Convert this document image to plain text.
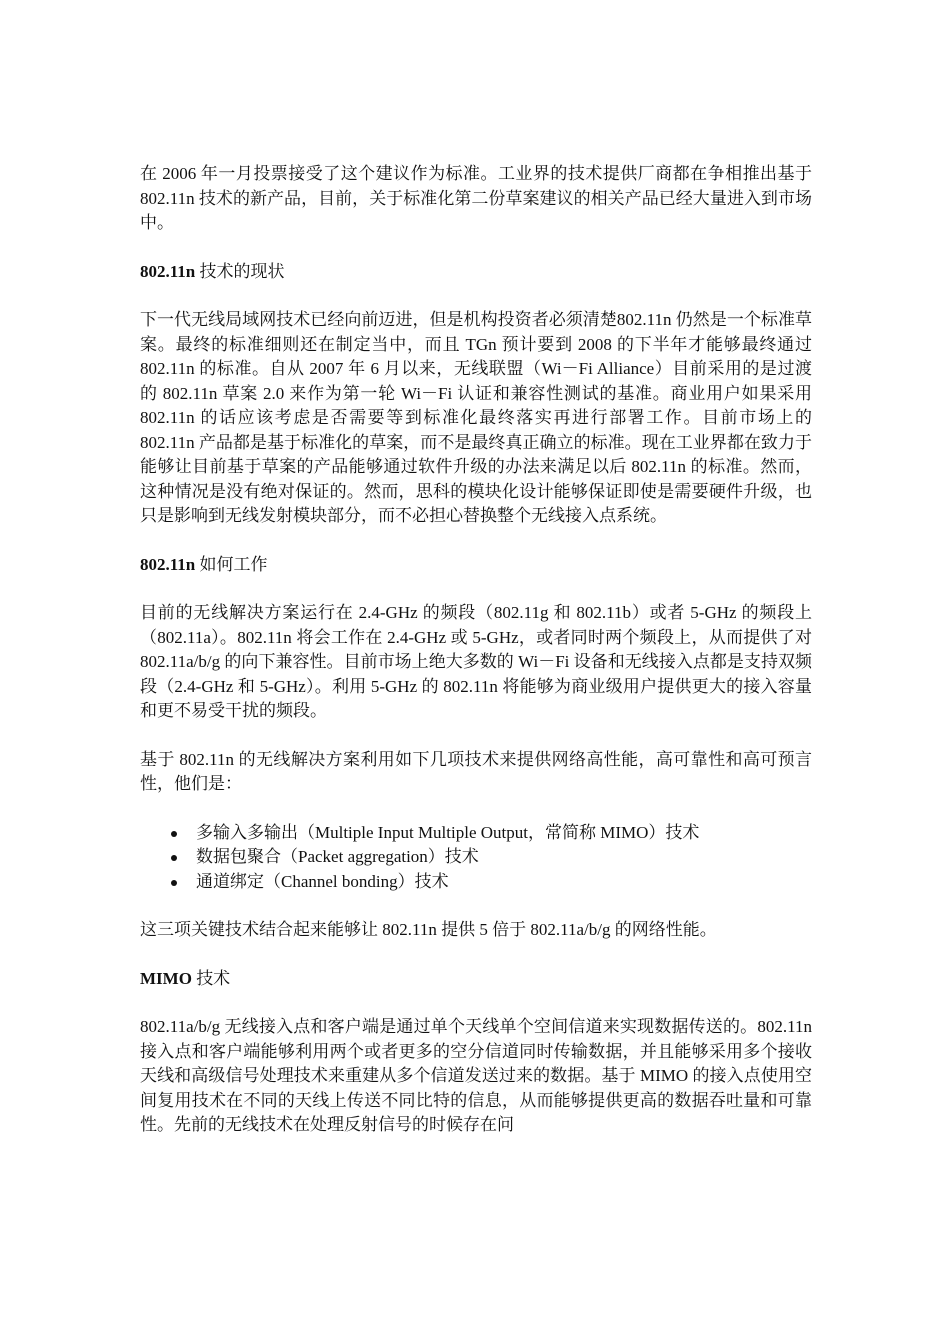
在 2006 年一月投票接受了这个建议作为标准。工业界的技术提供厂商都在争相推出基于 802.11n 技术的新产品，目前，关于标准化第二份草案建议的相关产品已经大量进入到市场中。

802.11n 技术的现状

下一代无线局域网技术已经向前迈进，但是机构投资者必须清楚802.11n 仍然是一个标准草案。最终的标准细则还在制定当中，而且 TGn 预计要到 2008 的下半年才能够最终通过 802.11n 的标准。自从 2007 年 6 月以来，无线联盟（Wi－Fi Alliance）目前采用的是过渡的 802.11n 草案 2.0 来作为第一轮 Wi－Fi 认证和兼容性测试的基准。商业用户如果采用 802.11n 的话应该考虑是否需要等到标准化最终落实再进行部署工作。目前市场上的 802.11n 产品都是基于标准化的草案，而不是最终真正确立的标准。现在工业界都在致力于能够让目前基于草案的产品能够通过软件升级的办法来满足以后 802.11n 的标准。然而，这种情况是没有绝对保证的。然而，思科的模块化设计能够保证即使是需要硬件升级，也只是影响到无线发射模块部分，而不必担心替换整个无线接入点系统。

802.11n 如何工作

目前的无线解决方案运行在 2.4-GHz 的频段（802.11g 和 802.11b）或者 5-GHz 的频段上（802.11a）。802.11n 将会工作在 2.4-GHz 或 5-GHz，或者同时两个频段上，从而提供了对 802.11a/b/g 的向下兼容性。目前市场上绝大多数的 Wi－Fi 设备和无线接入点都是支持双频段（2.4-GHz 和 5-GHz）。利用 5-GHz 的 802.11n 将能够为商业级用户提供更大的接入容量和更不易受干扰的频段。

基于 802.11n 的无线解决方案利用如下几项技术来提供网络高性能，高可靠性和高可预言性，他们是：

多输入多输出（Multiple Input Multiple Output，常简称 MIMO）技术
数据包聚合（Packet aggregation）技术
通道绑定（Channel bonding）技术

这三项关键技术结合起来能够让 802.11n 提供 5 倍于 802.11a/b/g 的网络性能。

MIMO 技术

802.11a/b/g 无线接入点和客户端是通过单个天线单个空间信道来实现数据传送的。802.11n 接入点和客户端能够利用两个或者更多的空分信道同时传输数据，并且能够采用多个接收天线和高级信号处理技术来重建从多个信道发送过来的数据。基于 MIMO 的接入点使用空间复用技术在不同的天线上传送不同比特的信息，从而能够提供更高的数据吞吐量和可靠性。先前的无线技术在处理反射信号的时候存在问
